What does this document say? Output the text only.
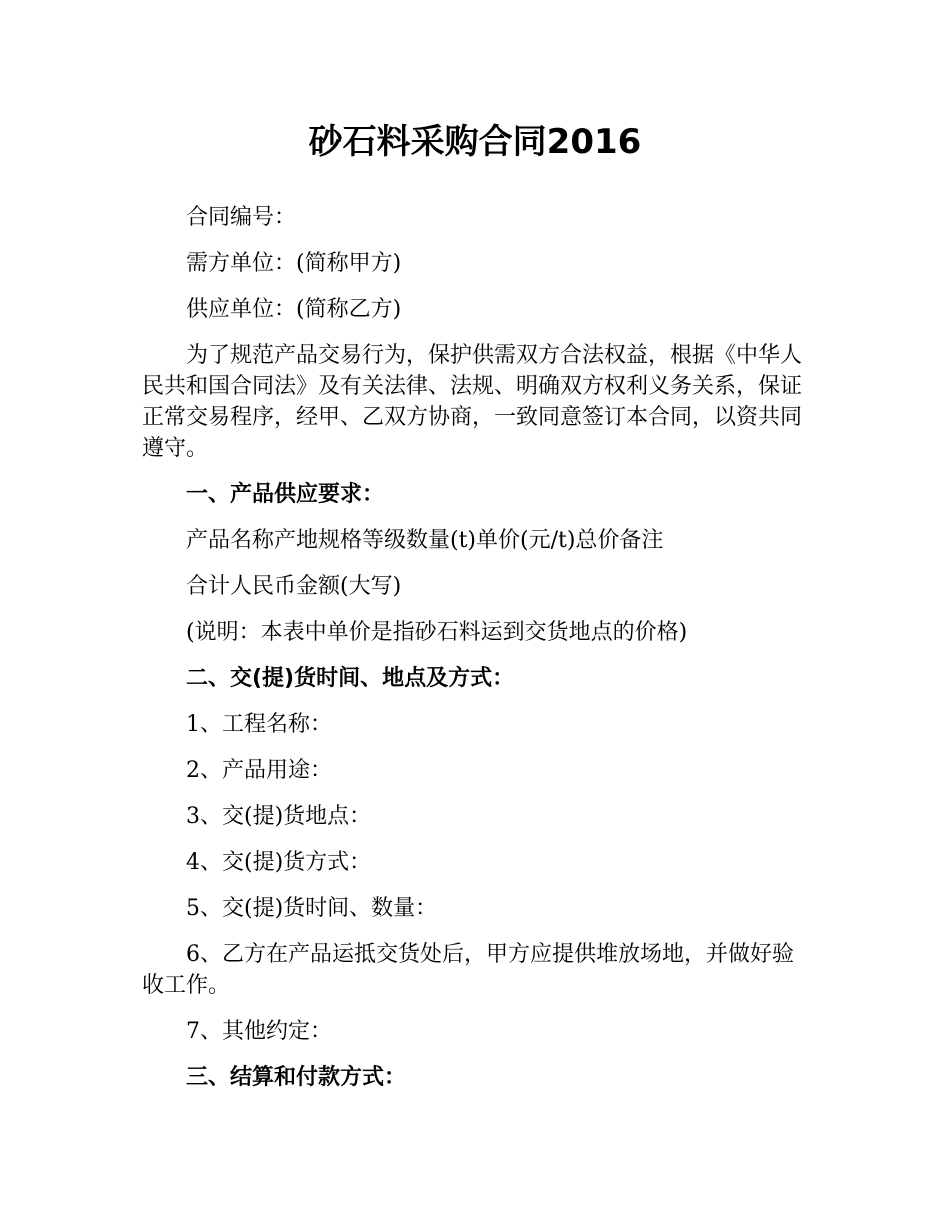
砂石料采购合同2016

合同编号：

需方单位：(简称甲方)

供应单位：(简称乙方)

为了规范产品交易行为，保护供需双方合法权益，根据《中华人民共和国合同法》及有关法律、法规、明确双方权利义务关系，保证正常交易程序，经甲、乙双方协商，一致同意签订本合同，以资共同遵守。

一、产品供应要求：

产品名称产地规格等级数量(t)单价(元/t)总价备注

合计人民币金额(大写)

(说明：本表中单价是指砂石料运到交货地点的价格)

二、交(提)货时间、地点及方式：

1、工程名称：

2、产品用途：

3、交(提)货地点：

4、交(提)货方式：

5、交(提)货时间、数量：

6、乙方在产品运抵交货处后，甲方应提供堆放场地，并做好验收工作。

7、其他约定：

三、结算和付款方式：
